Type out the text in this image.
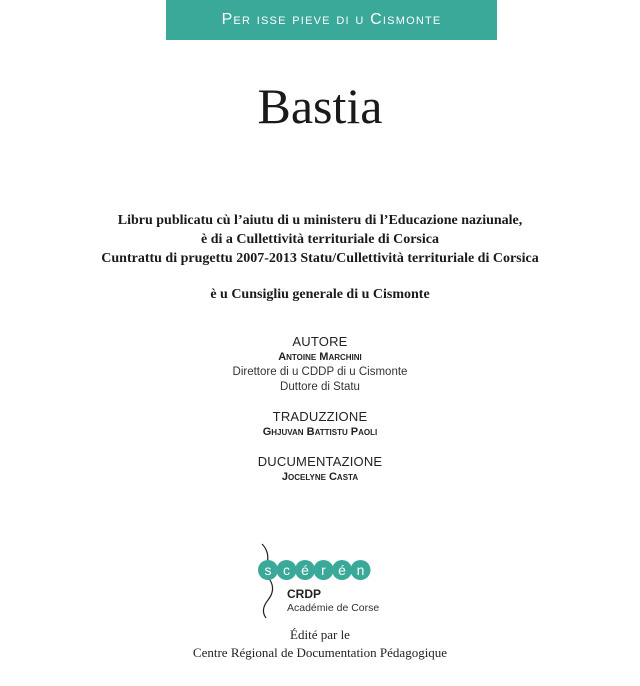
Per isse pieve di u Cismonte
Bastia
Libru publicatu cù l’aiutu di u ministeru di l’Educazione naziunale,
è di a Cullettività territuriale di Corsica
Cuntrattu di prugettu 2007-2013 Statu/Cullettività territuriale di Corsica
è u Cunsigliu generale di u Cismonte
AUTORE
Antoine Marchini
Direttore di u CDDP di u Cismonte
Duttore di Statu
TRADUZZIONE
Ghjuvan Battistu Paoli
DUCUMENTAZIONE
Jocelyne Casta
s c é r é n
CRDP
Académie de Corse
Édité par le
Centre Régional de Documentation Pédagogique
